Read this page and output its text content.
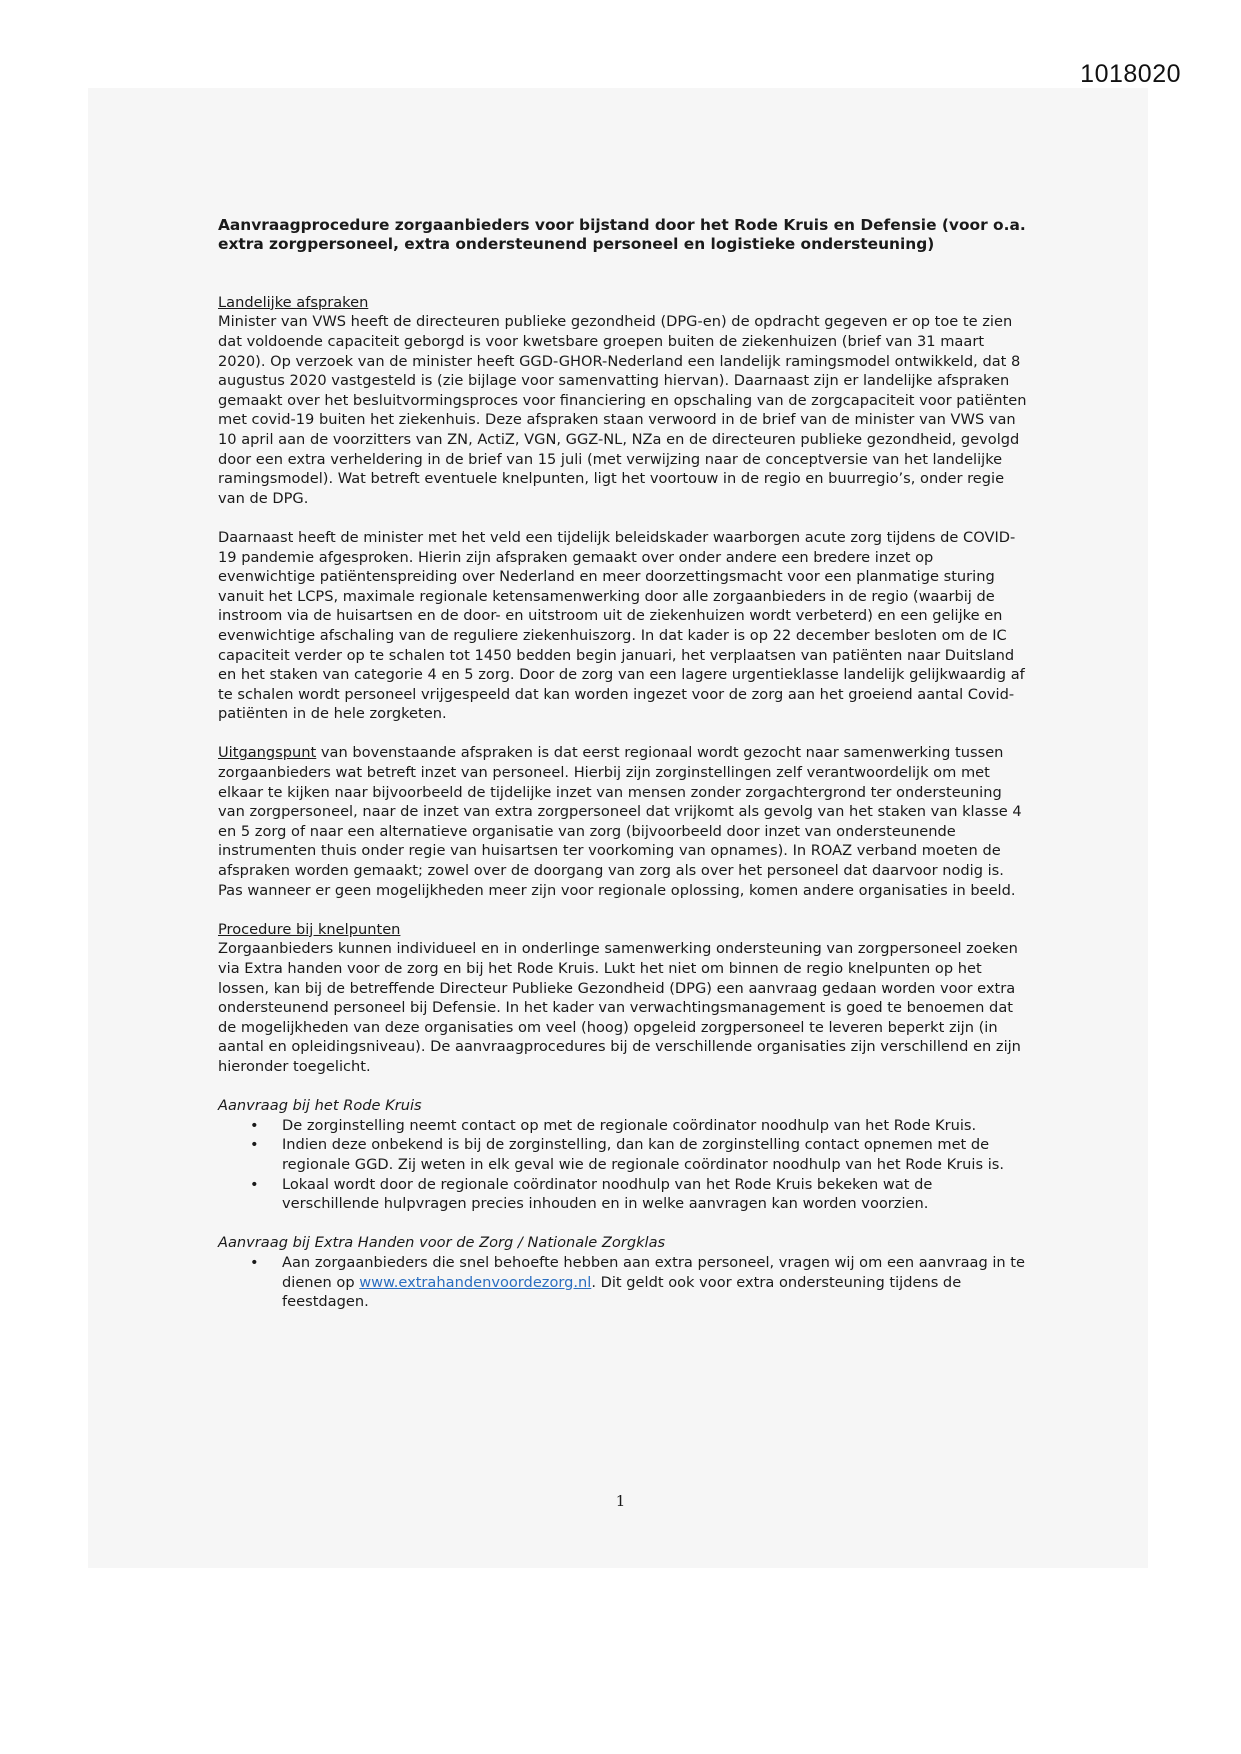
1018020

Aanvraagprocedure zorgaanbieders voor bijstand door het Rode Kruis en Defensie (voor o.a. extra zorgpersoneel, extra ondersteunend personeel en logistieke ondersteuning)

Landelijke afspraken

Minister van VWS heeft de directeuren publieke gezondheid (DPG-en) de opdracht gegeven er op toe te zien dat voldoende capaciteit geborgd is voor kwetsbare groepen buiten de ziekenhuizen (brief van 31 maart 2020). Op verzoek van de minister heeft GGD-GHOR-Nederland een landelijk ramingsmodel ontwikkeld, dat 8 augustus 2020 vastgesteld is (zie bijlage voor samenvatting hiervan). Daarnaast zijn er landelijke afspraken gemaakt over het besluitvormingsproces voor financiering en opschaling van de zorgcapaciteit voor patiënten met covid-19 buiten het ziekenhuis. Deze afspraken staan verwoord in de brief van de minister van VWS van 10 april aan de voorzitters van ZN, ActiZ, VGN, GGZ-NL, NZa en de directeuren publieke gezondheid, gevolgd door een extra verheldering in de brief van 15 juli (met verwijzing naar de conceptversie van het landelijke ramingsmodel). Wat betreft eventuele knelpunten, ligt het voortouw in de regio en buurregio’s, onder regie van de DPG.

Daarnaast heeft de minister met het veld een tijdelijk beleidskader waarborgen acute zorg tijdens de COVID-19 pandemie afgesproken. Hierin zijn afspraken gemaakt over onder andere een bredere inzet op evenwichtige patiëntenspreiding over Nederland en meer doorzettingsmacht voor een planmatige sturing vanuit het LCPS, maximale regionale ketensamenwerking door alle zorgaanbieders in de regio (waarbij de instroom via de huisartsen en de door- en uitstroom uit de ziekenhuizen wordt verbeterd) en een gelijke en evenwichtige afschaling van de reguliere ziekenhuiszorg. In dat kader is op 22 december besloten om de IC capaciteit verder op te schalen tot 1450 bedden begin januari, het verplaatsen van patiënten naar Duitsland en het staken van categorie 4 en 5 zorg. Door de zorg van een lagere urgentieklasse landelijk gelijkwaardig af te schalen wordt personeel vrijgespeeld dat kan worden ingezet voor de zorg aan het groeiend aantal Covid-patiënten in de hele zorgketen.

Uitgangspunt van bovenstaande afspraken is dat eerst regionaal wordt gezocht naar samenwerking tussen zorgaanbieders wat betreft inzet van personeel. Hierbij zijn zorginstellingen zelf verantwoordelijk om met elkaar te kijken naar bijvoorbeeld de tijdelijke inzet van mensen zonder zorgachtergrond ter ondersteuning van zorgpersoneel, naar de inzet van extra zorgpersoneel dat vrijkomt als gevolg van het staken van klasse 4 en 5 zorg of naar een alternatieve organisatie van zorg (bijvoorbeeld door inzet van ondersteunende instrumenten thuis onder regie van huisartsen ter voorkoming van opnames). In ROAZ verband moeten de afspraken worden gemaakt; zowel over de doorgang van zorg als over het personeel dat daarvoor nodig is. Pas wanneer er geen mogelijkheden meer zijn voor regionale oplossing, komen andere organisaties in beeld.

Procedure bij knelpunten

Zorgaanbieders kunnen individueel en in onderlinge samenwerking ondersteuning van zorgpersoneel zoeken via Extra handen voor de zorg en bij het Rode Kruis. Lukt het niet om binnen de regio knelpunten op het lossen, kan bij de betreffende Directeur Publieke Gezondheid (DPG) een aanvraag gedaan worden voor extra ondersteunend personeel bij Defensie. In het kader van verwachtingsmanagement is goed te benoemen dat de mogelijkheden van deze organisaties om veel (hoog) opgeleid zorgpersoneel te leveren beperkt zijn (in aantal en opleidingsniveau). De aanvraagprocedures bij de verschillende organisaties zijn verschillend en zijn hieronder toegelicht.

Aanvraag bij het Rode Kruis

• De zorginstelling neemt contact op met de regionale coördinator noodhulp van het Rode Kruis.
• Indien deze onbekend is bij de zorginstelling, dan kan de zorginstelling contact opnemen met de regionale GGD. Zij weten in elk geval wie de regionale coördinator noodhulp van het Rode Kruis is.
• Lokaal wordt door de regionale coördinator noodhulp van het Rode Kruis bekeken wat de verschillende hulpvragen precies inhouden en in welke aanvragen kan worden voorzien.

Aanvraag bij Extra Handen voor de Zorg / Nationale Zorgklas

• Aan zorgaanbieders die snel behoefte hebben aan extra personeel, vragen wij om een aanvraag in te dienen op www.extrahandenvoordezorg.nl. Dit geldt ook voor extra ondersteuning tijdens de feestdagen.
1
